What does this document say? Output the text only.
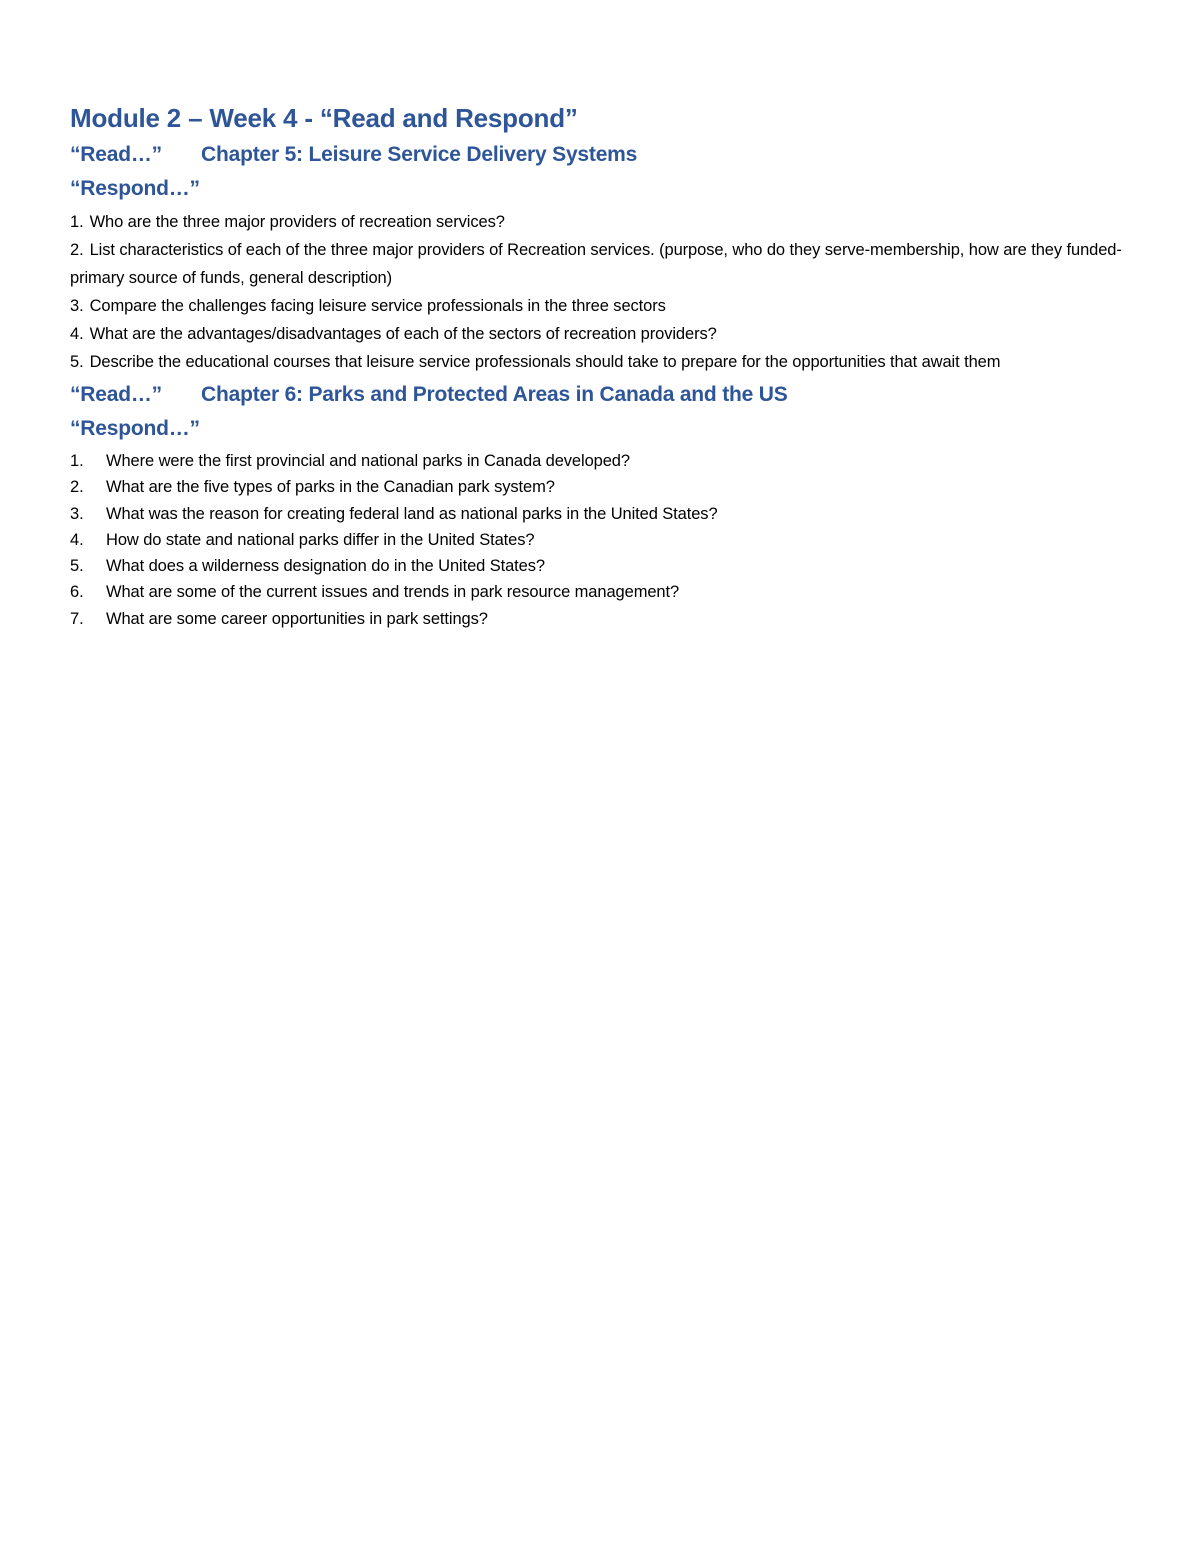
Module 2 – Week 4 - “Read and Respond”
“Read…” Chapter 5: Leisure Service Delivery Systems
“Respond…”
1. Who are the three major providers of recreation services?
2. List characteristics of each of the three major providers of Recreation services. (purpose, who do they serve-membership, how are they funded-primary source of funds, general description)
3. Compare the challenges facing leisure service professionals in the three sectors
4. What are the advantages/disadvantages of each of the sectors of recreation providers?
5. Describe the educational courses that leisure service professionals should take to prepare for the opportunities that await them
“Read…” Chapter 6: Parks and Protected Areas in Canada and the US
“Respond…”
1.	Where were the first provincial and national parks in Canada developed?
2.	What are the five types of parks in the Canadian park system?
3.	What was the reason for creating federal land as national parks in the United States?
4.	How do state and national parks differ in the United States?
5.	What does a wilderness designation do in the United States?
6.	What are some of the current issues and trends in park resource management?
7.	What are some career opportunities in park settings?
